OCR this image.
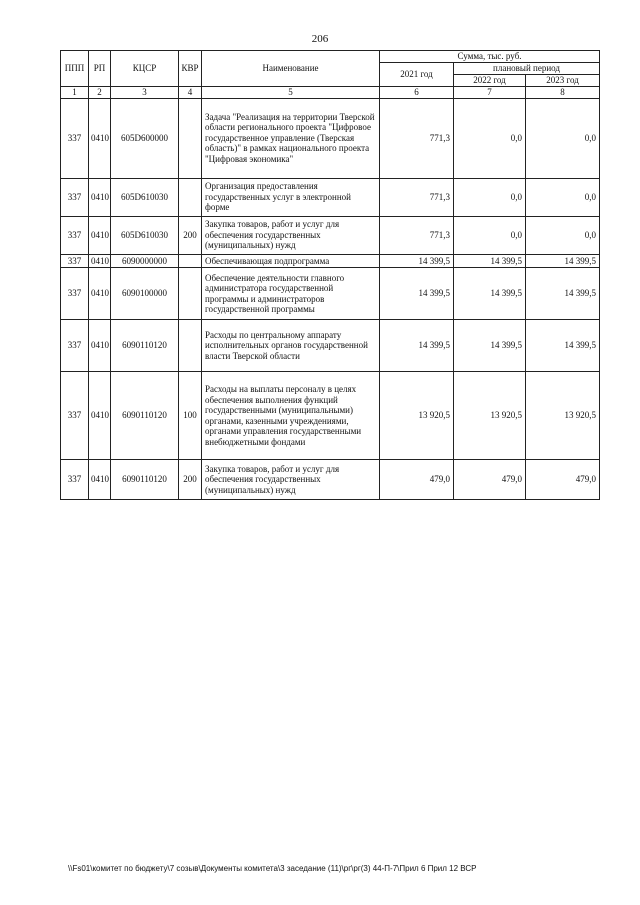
206
ППП	РП	КЦСР	КВР	Наименование	Сумма, тыс. руб.		
					2021 год	плановый период	
						2022 год	2023 год
1	2	3	4	5	6	7	8
337	0410	605D600000		Задача "Реализация на территории Тверской области регионального проекта "Цифровое государственное управление (Тверская область)" в рамках национального проекта "Цифровая экономика"	771,3	0,0	0,0
337	0410	605D610030		Организация предоставления государственных услуг в электронной форме	771,3	0,0	0,0
337	0410	605D610030	200	Закупка товаров, работ и услуг для обеспечения государственных (муниципальных) нужд	771,3	0,0	0,0
337	0410	6090000000		Обеспечивающая подпрограмма	14 399,5	14 399,5	14 399,5
337	0410	6090100000		Обеспечение деятельности главного администратора государственной программы и администраторов государственной программы	14 399,5	14 399,5	14 399,5
337	0410	6090110120		Расходы по центральному аппарату исполнительных органов государственной власти Тверской области	14 399,5	14 399,5	14 399,5
337	0410	6090110120	100	Расходы на выплаты персоналу в целях обеспечения выполнения функций государственными (муниципальными) органами, казенными учреждениями, органами управления государственными внебюджетными фондами	13 920,5	13 920,5	13 920,5
337	0410	6090110120	200	Закупка товаров, работ и услуг для обеспечения государственных (муниципальных) нужд	479,0	479,0	479,0
\\Fs01\комитет по бюджету\7 созыв\Документы комитета\3 заседание (11)\рг\рг(3) 44-П-7\Прил 6 Прил 12 ВСР
